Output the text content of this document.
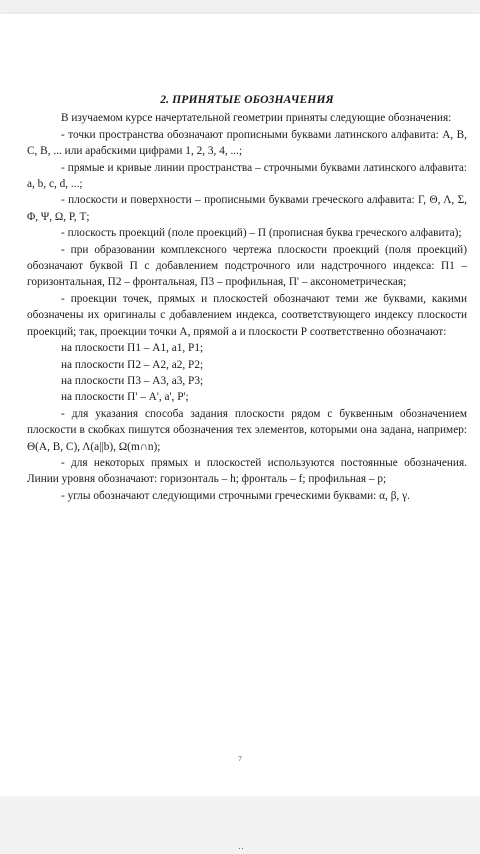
2. ПРИНЯТЫЕ ОБОЗНАЧЕНИЯ

В изучаемом курсе начертательной геометрии приняты следующие обозначения:

- точки пространства обозначают прописными буквами латинского алфавита: A, B, C, B, ... или арабскими цифрами 1, 2, 3, 4, ...;

- прямые и кривые линии пространства – строчными буквами латинского алфавита: a, b, c, d, ...;

- плоскости и поверхности – прописными буквами греческого алфавита: Г, Θ, Λ, Σ, Φ, Ψ, Ω, Р, Т;

- плоскость проекций (поле проекций) – П (прописная буква греческого алфавита);

- при образовании комплексного чертежа плоскости проекций (поля проекций) обозначают буквой П с добавлением подстрочного или надстрочного индекса: П1 – горизонтальная, П2 – фронтальная, П3 – профильная, П' – аксонометрическая;

- проекции точек, прямых и плоскостей обозначают теми же буквами, какими обозначены их оригиналы с добавлением индекса, соответствующего индексу плоскости проекций; так, проекции точки А, прямой а и плоскости Р соответственно обозначают:

на плоскости П1 – А1, а1, Р1;
на плоскости П2 – А2, а2, Р2;
на плоскости П3 – А3, а3, Р3;
на плоскости П' – А', а', Р';

- для указания способа задания плоскости рядом с буквенным обозначением плоскости в скобках пишутся обозначения тех элементов, которыми она задана, например: Θ(А, В, С), Λ(а||b), Ω(m∩n);

- для некоторых прямых и плоскостей используются постоянные обозначения. Линии уровня обозначают: горизонталь – h; фронталь – f; профильная – p;

- углы обозначают следующими строчными греческими буквами: α, β, γ.

7
